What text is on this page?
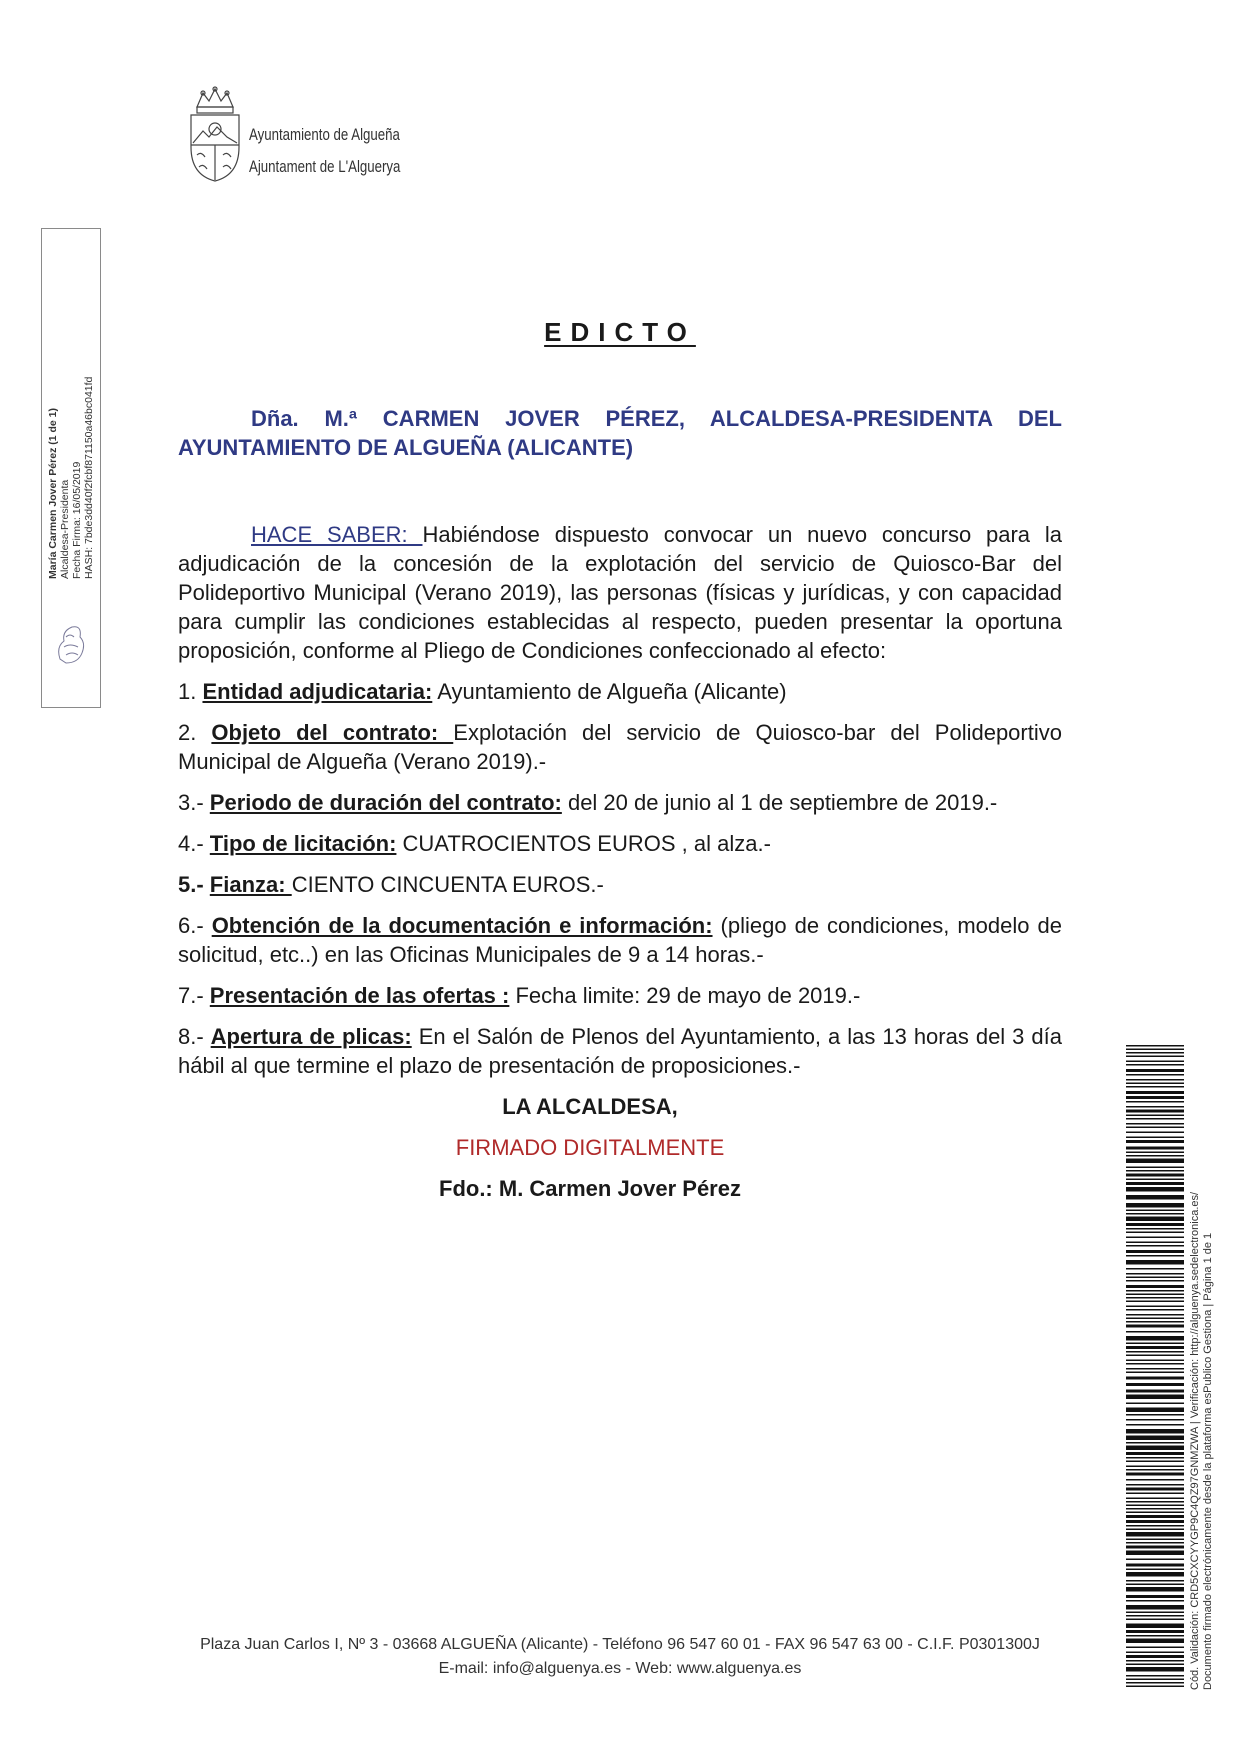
Ayuntamiento de Algueña
Ajuntament de L'Alguerya
María Carmen Jover Pérez (1 de 1) Alcaldesa-Presidenta Fecha Firma: 16/05/2019 HASH: 7bde3dd40f2fcbf871150a46bc041fd
EDICTO

Dña. M.ª CARMEN JOVER PÉREZ, ALCALDESA-PRESIDENTA DEL AYUNTAMIENTO DE ALGUEÑA (ALICANTE)

HACE SABER: Habiéndose dispuesto convocar un nuevo concurso para la adjudicación de la concesión de la explotación del servicio de Quiosco-Bar del Polideportivo Municipal (Verano 2019), las personas (físicas y jurídicas, y con capacidad para cumplir las condiciones establecidas al respecto, pueden presentar la oportuna proposición, conforme al Pliego de Condiciones confeccionado al efecto:

1. Entidad adjudicataria: Ayuntamiento de Algueña (Alicante)

2. Objeto del contrato: Explotación del servicio de Quiosco-bar del Polideportivo Municipal de Algueña (Verano 2019).-

3.- Periodo de duración del contrato: del 20 de junio al 1 de septiembre de 2019.-

4.- Tipo de licitación: CUATROCIENTOS EUROS , al alza.-

5.- Fianza: CIENTO CINCUENTA EUROS.-

6.- Obtención de la documentación e información: (pliego de condiciones, modelo de solicitud, etc..) en las Oficinas Municipales de 9 a 14 horas.-

7.- Presentación de las ofertas : Fecha limite: 29 de mayo de 2019.-

8.- Apertura de plicas: En el Salón de Plenos del Ayuntamiento, a las 13 horas del 3 día hábil al que termine el plazo de presentación de proposiciones.-

LA ALCALDESA,
FIRMADO DIGITALMENTE
Fdo.: M. Carmen Jover Pérez
Plaza Juan Carlos I, Nº 3 - 03668 ALGUEÑA (Alicante) - Teléfono 96 547 60 01 - FAX 96 547 63 00 - C.I.F. P0301300J
E-mail: info@alguenya.es - Web: www.alguenya.es	Cód. Validación: CRD5CXCYYGP9C4QZ97GNMZWA | Verificación: http://alguenya.sedelectronica.es/ Documento firmado electrónicamente desde la plataforma esPublico Gestiona | Página 1 de 1
